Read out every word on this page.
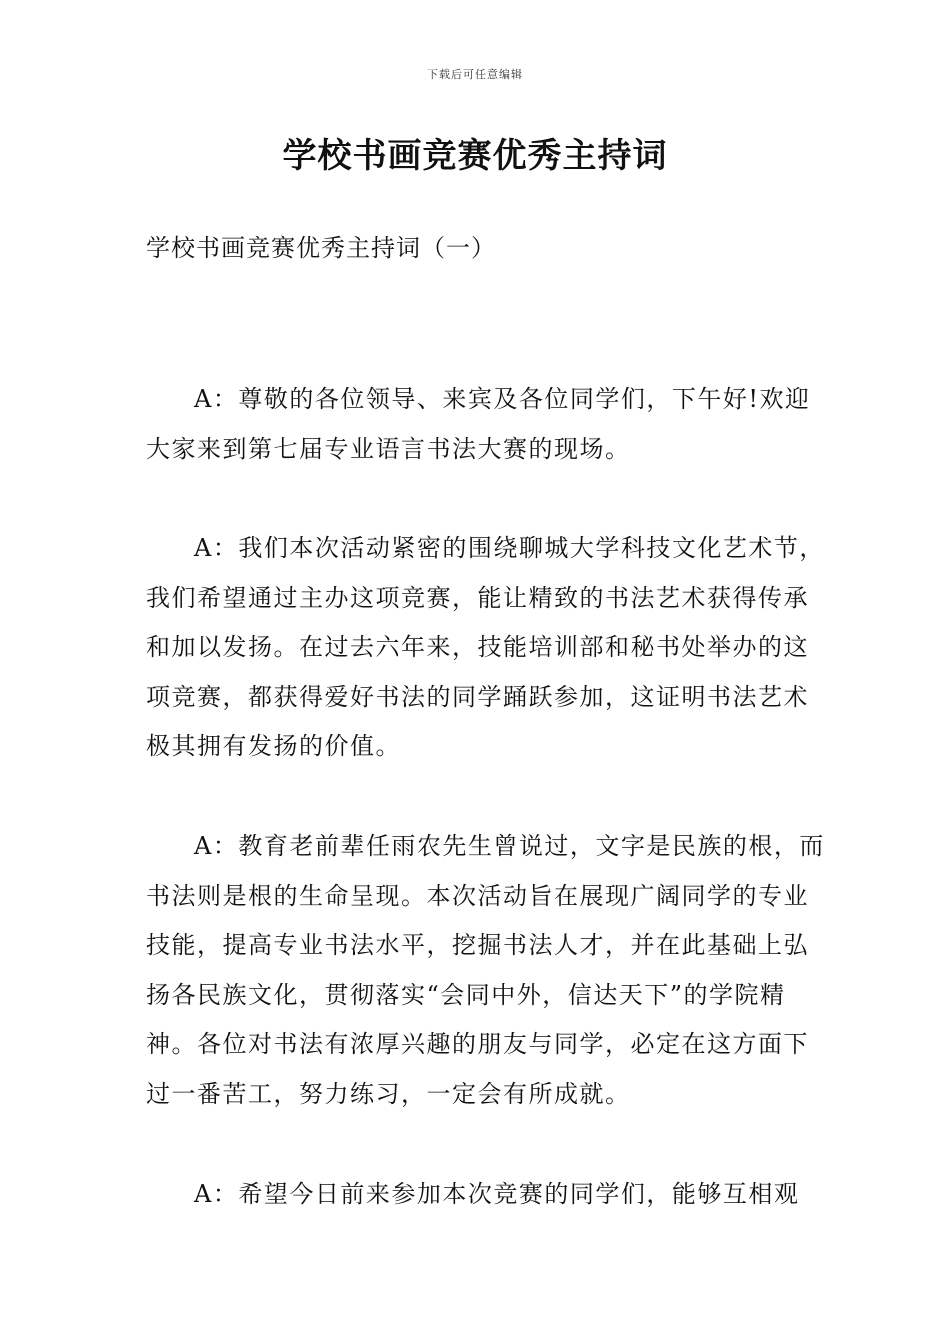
下载后可任意编辑
学校书画竞赛优秀主持词
学校书画竞赛优秀主持词（一）

A：尊敬的各位领导、来宾及各位同学们，下午好!欢迎大家来到第七届专业语言书法大赛的现场。

A：我们本次活动紧密的围绕聊城大学科技文化艺术节，我们希望通过主办这项竞赛，能让精致的书法艺术获得传承和加以发扬。在过去六年来，技能培训部和秘书处举办的这项竞赛，都获得爱好书法的同学踊跃参加，这证明书法艺术极其拥有发扬的价值。

A：教育老前辈任雨农先生曾说过，文字是民族的根，而书法则是根的生命呈现。本次活动旨在展现广阔同学的专业技能，提高专业书法水平，挖掘书法人才，并在此基础上弘扬各民族文化，贯彻落实“会同中外，信达天下”的学院精神。各位对书法有浓厚兴趣的朋友与同学，必定在这方面下过一番苦工，努力练习，一定会有所成就。

A：希望今日前来参加本次竞赛的同学们，能够互相观
